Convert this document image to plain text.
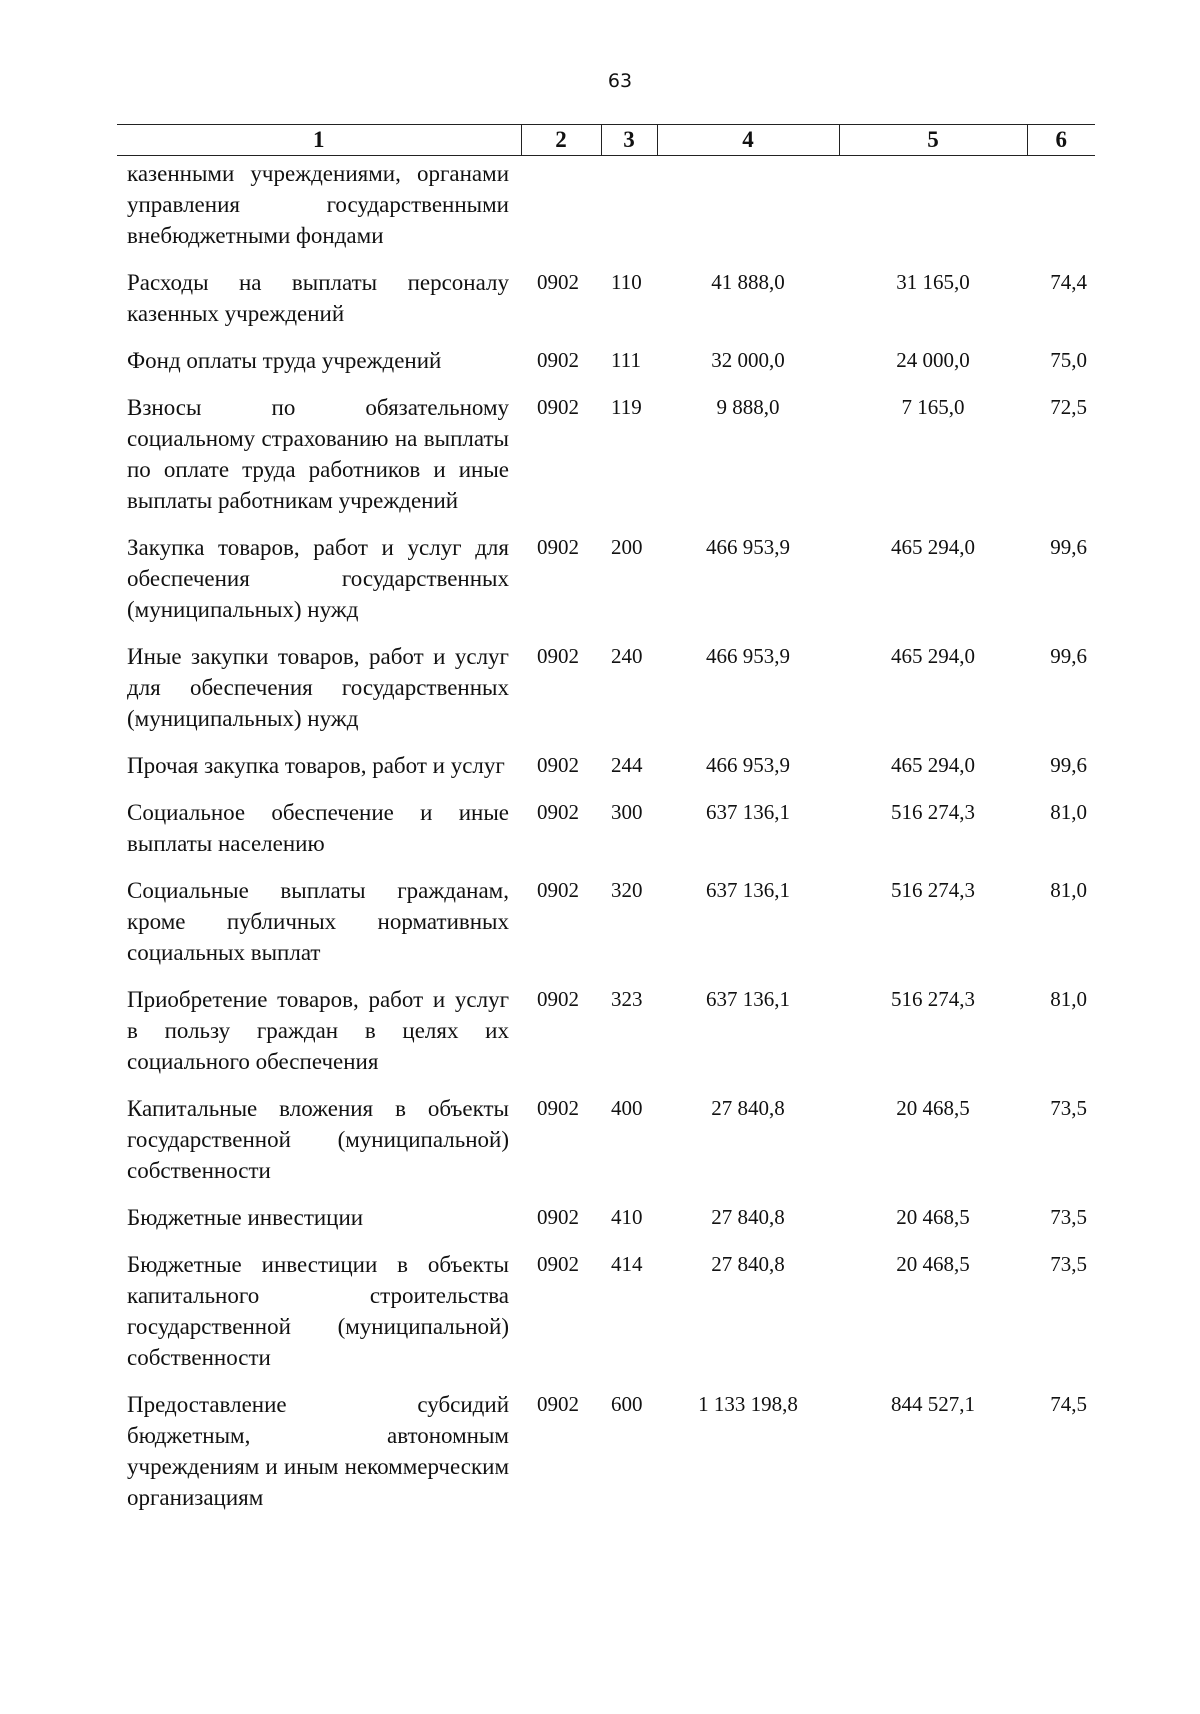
63
1	2	3	4	5	6
казенными учреждениями, органами управления государственными внебюджетными фондами					
Расходы на выплаты персоналу казенных учреждений	0902	110	41 888,0	31 165,0	74,4
Фонд оплаты труда учреждений	0902	111	32 000,0	24 000,0	75,0
Взносы по обязательному социальному страхованию на выплаты по оплате труда работников и иные выплаты работникам учреждений	0902	119	9 888,0	7 165,0	72,5
Закупка товаров, работ и услуг для обеспечения государственных (муниципальных) нужд	0902	200	466 953,9	465 294,0	99,6
Иные закупки товаров, работ и услуг для обеспечения государственных (муниципальных) нужд	0902	240	466 953,9	465 294,0	99,6
Прочая закупка товаров, работ и услуг	0902	244	466 953,9	465 294,0	99,6
Социальное обеспечение и иные выплаты населению	0902	300	637 136,1	516 274,3	81,0
Социальные выплаты гражданам, кроме публичных нормативных социальных выплат	0902	320	637 136,1	516 274,3	81,0
Приобретение товаров, работ и услуг в пользу граждан в целях их социального обеспечения	0902	323	637 136,1	516 274,3	81,0
Капитальные вложения в объекты государственной (муниципальной) собственности	0902	400	27 840,8	20 468,5	73,5
Бюджетные инвестиции	0902	410	27 840,8	20 468,5	73,5
Бюджетные инвестиции в объекты капитального строительства государственной (муниципальной) собственности	0902	414	27 840,8	20 468,5	73,5
Предоставление субсидий бюджетным, автономным учреждениям и иным некоммерческим организациям	0902	600	1 133 198,8	844 527,1	74,5
